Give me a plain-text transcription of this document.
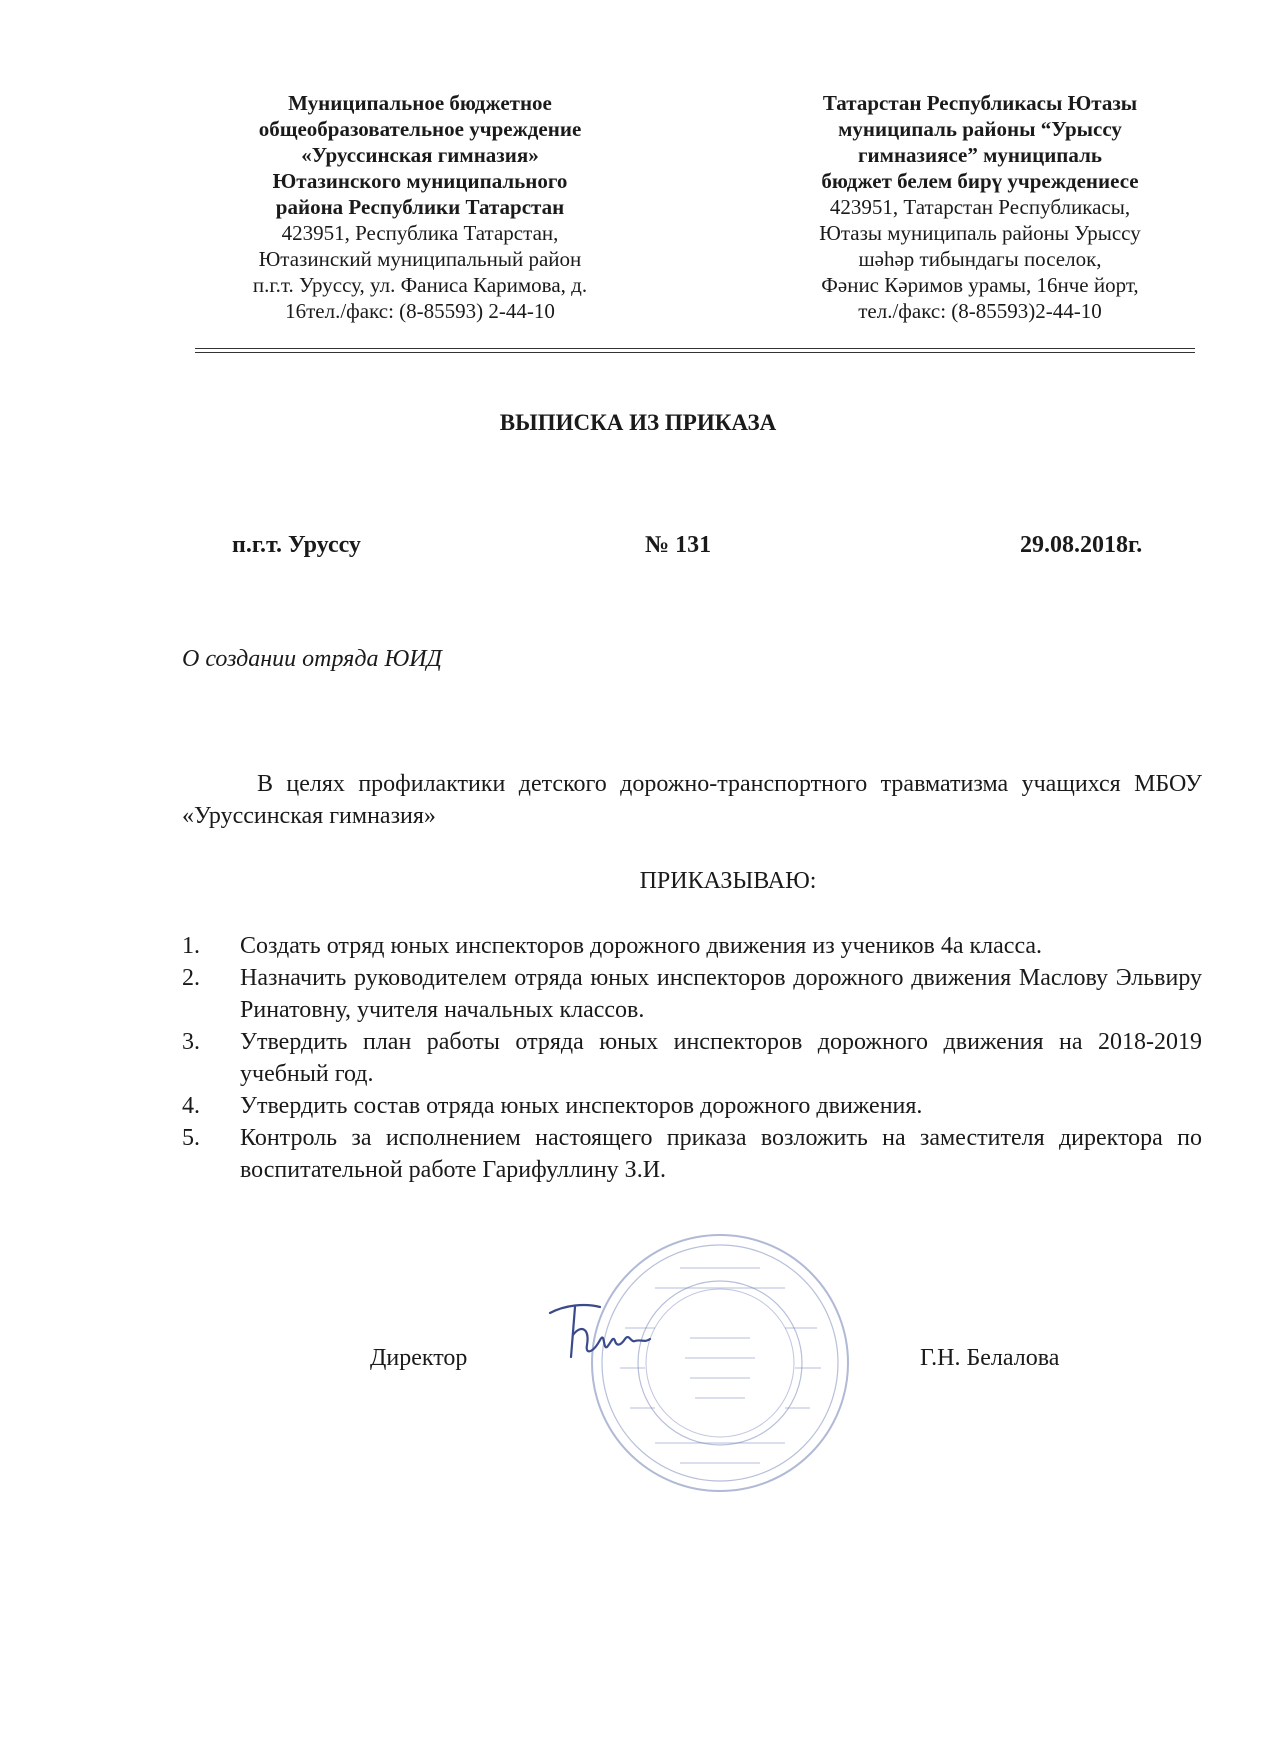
Муниципальное бюджетное
общеобразовательное учреждение
«Уруссинская гимназия»
Ютазинского муниципального
района Республики Татарстан
423951, Республика Татарстан,
Ютазинский муниципальный район
п.г.т. Уруссу, ул. Фаниса Каримова, д.
16тел./факс: (8-85593) 2-44-10
Татарстан Республикасы Ютазы
муниципаль районы “Урыссу
гимназиясе” муниципаль
бюджет белем бирү учреждениесе
423951, Татарстан Республикасы,
Ютазы муниципаль районы Урыссу
шәһәр тибындагы поселок,
Фәнис Кәримов урамы, 16нче йорт,
тел./факс: (8-85593)2-44-10
ВЫПИСКА ИЗ ПРИКАЗА
п.г.т. Уруссу	№ 131	29.08.2018г.
О создании отряда ЮИД

В целях профилактики детского дорожно-транспортного травматизма учащихся МБОУ «Уруссинская гимназия»

ПРИКАЗЫВАЮ:
1. Создать отряд юных инспекторов дорожного движения из учеников 4а класса.
2. Назначить руководителем отряда юных инспекторов дорожного движения Маслову Эльвиру Ринатовну, учителя начальных классов.
3. Утвердить план работы отряда юных инспекторов дорожного движения на 2018-2019 учебный год.
4. Утвердить состав отряда юных инспекторов дорожного движения.
5. Контроль за исполнением настоящего приказа возложить на заместителя директора по воспитательной работе Гарифуллину З.И.
Директор	Г.Н. Белалова
